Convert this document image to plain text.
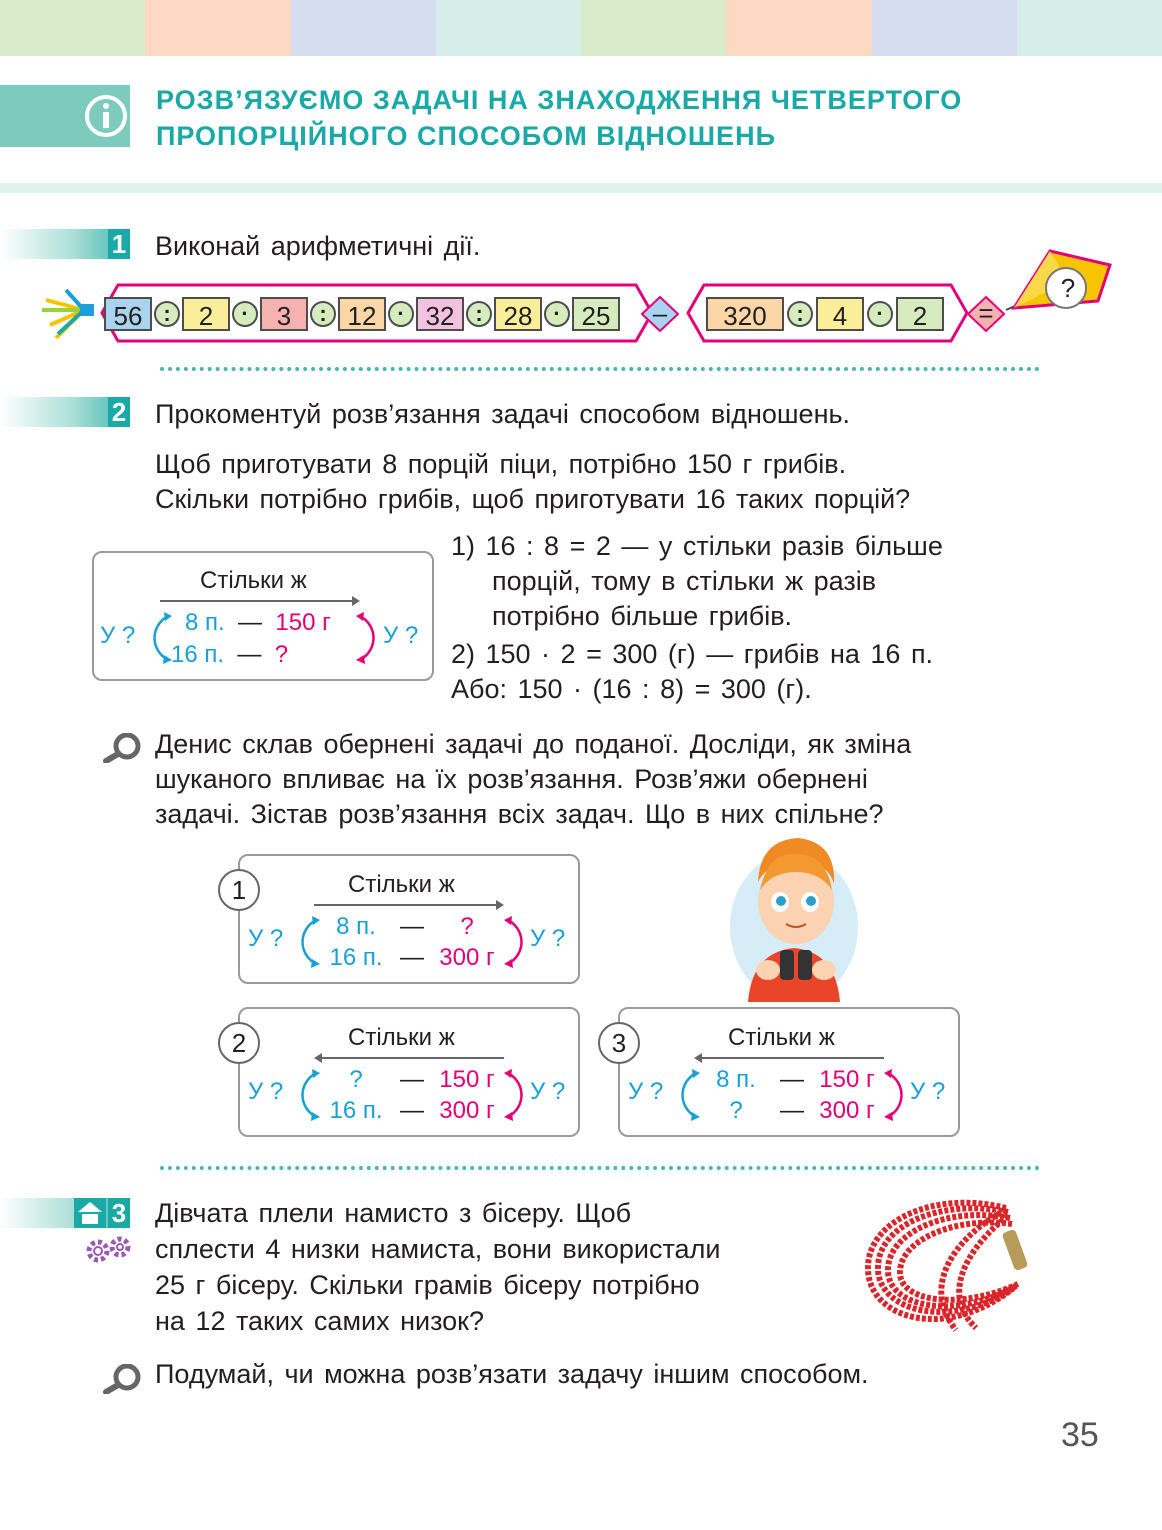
РОЗВ’ЯЗУЄМО ЗАДАЧІ НА ЗНАХОДЖЕННЯ ЧЕТВЕРТОГО
ПРОПОРЦІЙНОГО СПОСОБОМ ВІДНОШЕНЬ
1 Виконай арифметичні дії.
?
56 :	2	·	3	: 12 · 32 : 28 · 25	–	320	:	4	·	2	=
2 Прокоментуй розв’язання задачі способом відношень.
Щоб приготувати 8 порцій піци, потрібно 150 г грибів.
Скільки потрібно грибів, щоб приготувати 16 таких порцій?
Стільки ж
У ? 8 п. — 150 г
16 п. — ?
У ?
1) 16 : 8 = 2 — у стільки разів більше
порцій, тому в стільки ж разів
потрібно більше грибів.
2) 150 · 2 = 300 (г) — грибів на 16 п.
Або: 150 · (16 : 8) = 300 (г).
Денис склав обернені задачі до поданої. Досліди, як зміна
шуканого впливає на їх розв’язання. Розв’яжи обернені
задачі. Зістав розв’язання всіх задач. Що в них спільне?
Стільки ж
У ?	8 п.	—	?
16 п. — 300 г
У ?
1
Стільки ж
У ?	?	— 150 г
16 п. — 300 г
У ?
2	Стільки ж
У ?	8 п.	— 150 г
?	— 300 г
У ?
3
3 Дівчата плели намисто з бісеру. Щоб
сплести 4 низки намиста, вони використали
25 г бісеру. Скільки грамів бісеру потрібно
на 12 таких самих низок?
Подумай, чи можна розв’язати задачу іншим способом.
35
